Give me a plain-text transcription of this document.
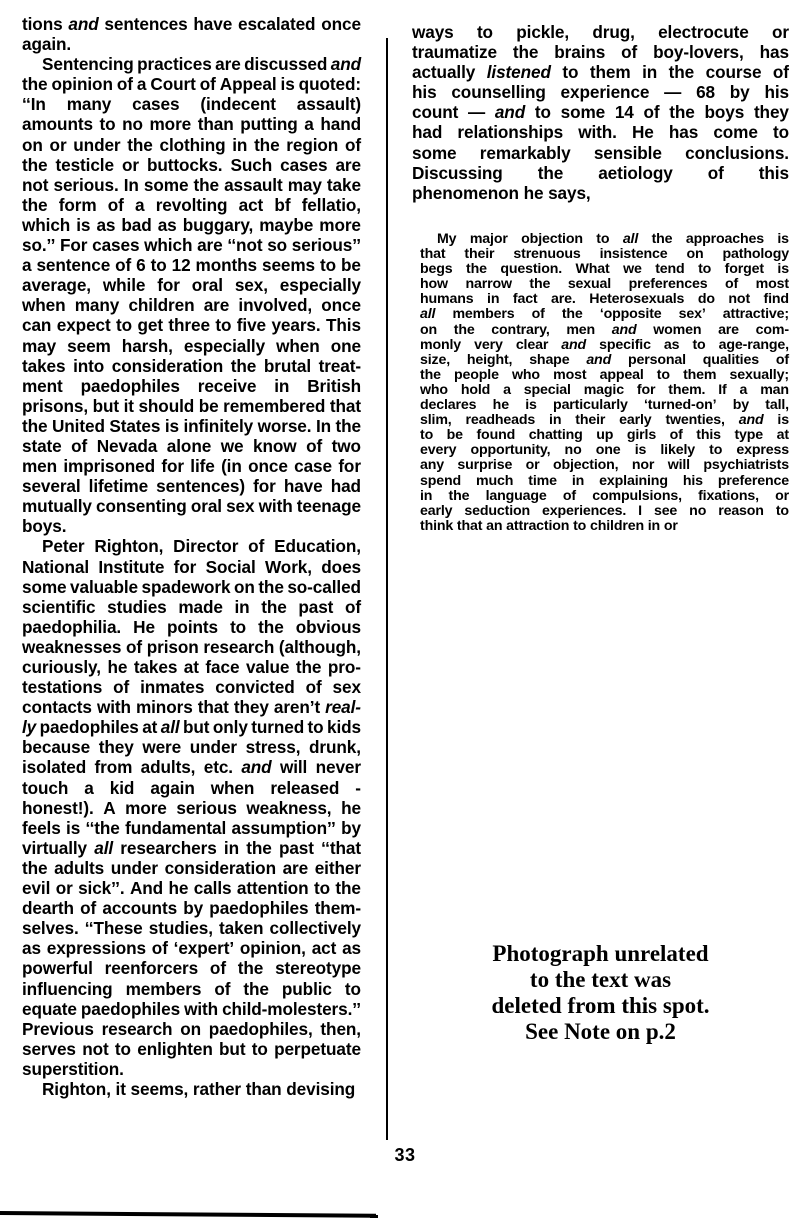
tions and sentences have escalated once
again.
Sentencing practices are discussed and
the opinion of a Court of Appeal is quoted:
‘‘In many cases (indecent assault)
amounts to no more than putting a hand
on or under the clothing in the region of
the testicle or buttocks. Such cases are
not serious. In some the assault may take
the form of a revolting act bf fellatio,
which is as bad as buggary, maybe more
so.’’ For cases which are ‘‘not so serious’’
a sentence of 6 to 12 months seems to be
average, while for oral sex, especially
when many children are involved, once
can expect to get three to five years. This
may seem harsh, especially when one
takes into consideration the brutal treat-
ment paedophiles receive in British
prisons, but it should be remembered that
the United States is infinitely worse. In the
state of Nevada alone we know of two
men imprisoned for life (in once case for
several lifetime sentences) for have had
mutually consenting oral sex with teenage
boys.
Peter Righton, Director of Education,
National Institute for Social Work, does
some valuable spadework on the so-called
scientific studies made in the past of
paedophilia. He points to the obvious
weaknesses of prison research (although,
curiously, he takes at face value the pro-
testations of inmates convicted of sex
contacts with minors that they aren’t real-
ly paedophiles at all but only turned to kids
because they were under stress, drunk,
isolated from adults, etc. and will never
touch a kid again when released -
honest!). A more serious weakness, he
feels is ‘‘the fundamental assumption’’ by
virtually all researchers in the past ‘‘that
the adults under consideration are either
evil or sick’’. And he calls attention to the
dearth of accounts by paedophiles them-
selves. ‘‘These studies, taken collectively
as expressions of ‘expert’ opinion, act as
powerful reenforcers of the stereotype
influencing members of the public to
equate paedophiles with child-molesters.’’
Previous research on paedophiles, then,
serves not to enlighten but to perpetuate
superstition.
Righton, it seems, rather than devising
ways to pickle, drug, electrocute or
traumatize the brains of boy-lovers, has
actually listened to them in the course of
his counselling experience — 68 by his
count — and to some 14 of the boys they
had relationships with. He has come to
some remarkably sensible conclusions.
Discussing the aetiology of this
phenomenon he says,
My major objection to all the approaches is
that their strenuous insistence on pathology
begs the question. What we tend to forget is
how narrow the sexual preferences of most
humans in fact are. Heterosexuals do not find
all members of the ‘opposite sex’ attractive;
on the contrary, men and women are com-
monly very clear and specific as to age-range,
size, height, shape and personal qualities of
the people who most appeal to them sexually;
who hold a special magic for them. If a man
declares he is particularly ‘turned-on’ by tall,
slim, readheads in their early twenties, and is
to be found chatting up girls of this type at
every opportunity, no one is likely to express
any surprise or objection, nor will psychiatrists
spend much time in explaining his preference
in the language of compulsions, fixations, or
early seduction experiences. I see no reason to
think that an attraction to children in or
Photograph unrelated
to the text was
deleted from this spot.
See Note on p.2
33
